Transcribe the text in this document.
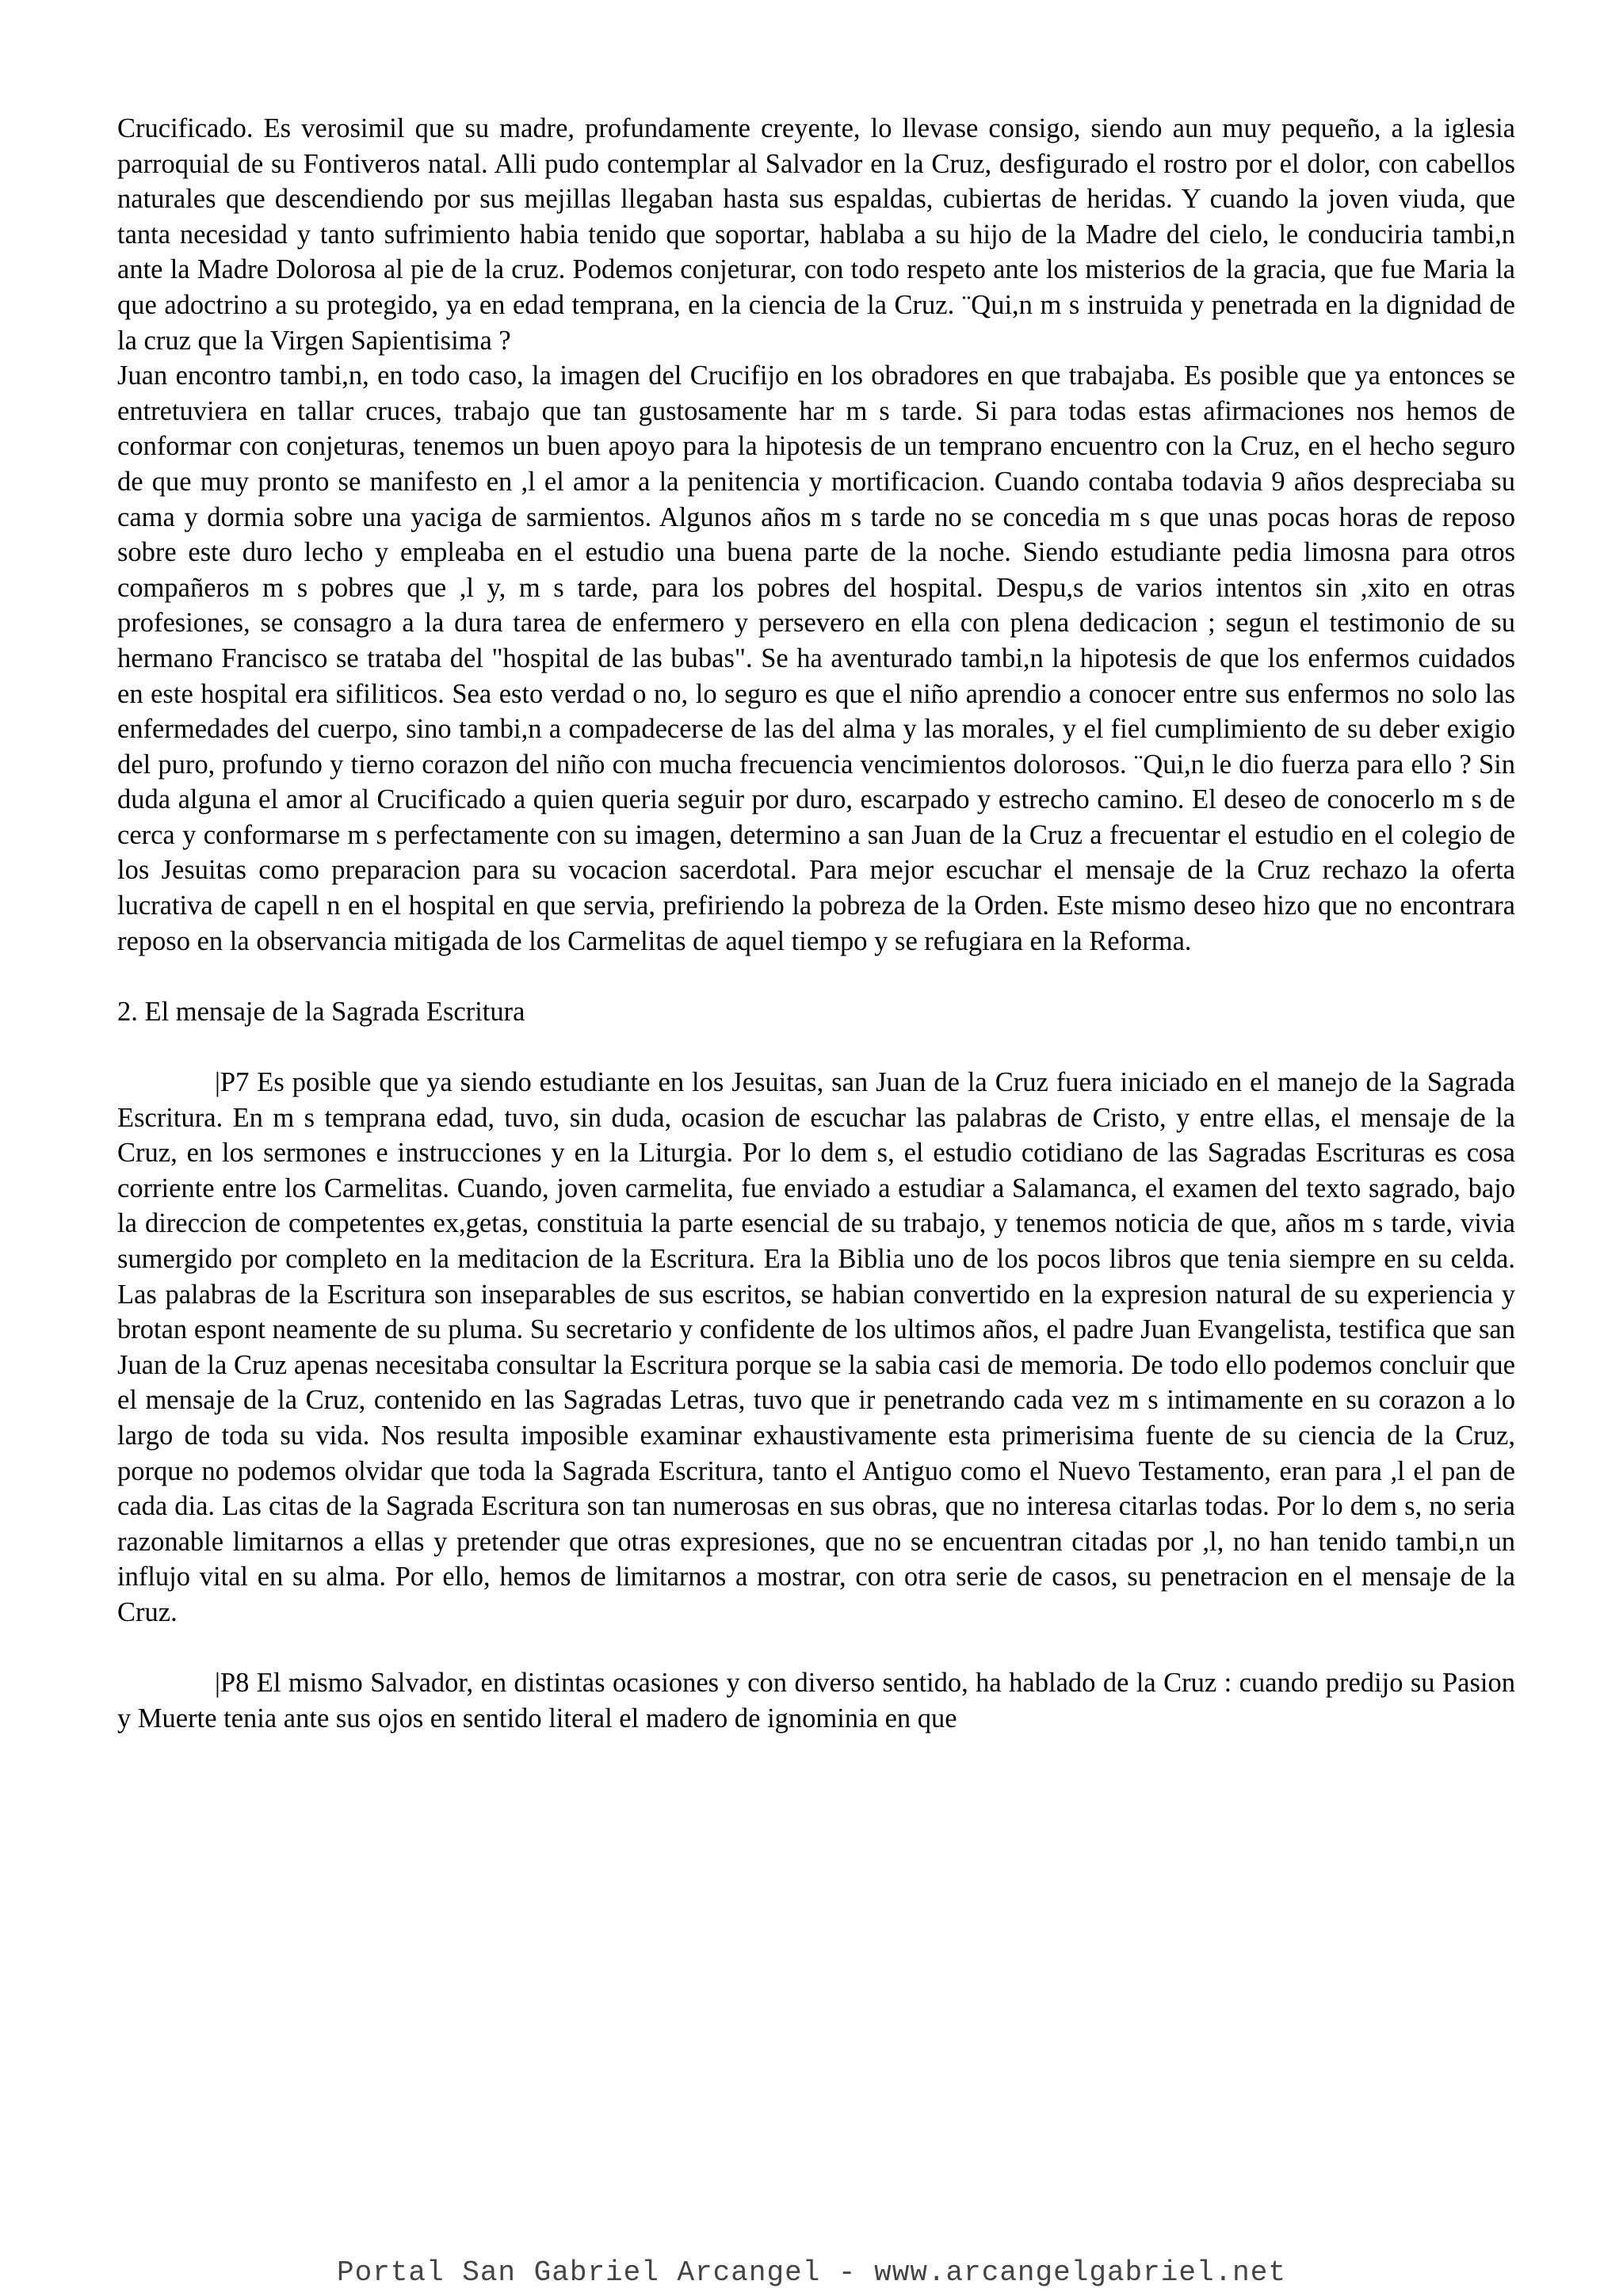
Crucificado. Es verosimil que su madre, profundamente creyente, lo llevase consigo, siendo aun muy pequeño, a la iglesia parroquial de su Fontiveros natal. Alli pudo contemplar al Salvador en la Cruz, desfigurado el rostro por el dolor, con cabellos naturales que descendiendo por sus mejillas llegaban hasta sus espaldas, cubiertas de heridas. Y cuando la joven viuda, que tanta necesidad y tanto sufrimiento habia tenido que soportar, hablaba a su hijo de la Madre del cielo, le conduciria tambi,n ante la Madre Dolorosa al pie de la cruz. Podemos conjeturar, con todo respeto ante los misterios de la gracia, que fue Maria la que adoctrino a su protegido, ya en edad temprana, en la ciencia de la Cruz. ¨Qui,n m s instruida y penetrada en la dignidad de la cruz que la Virgen Sapientisima ?

Juan encontro tambi,n, en todo caso, la imagen del Crucifijo en los obradores en que trabajaba. Es posible que ya entonces se entretuviera en tallar cruces, trabajo que tan gustosamente har m s tarde. Si para todas estas afirmaciones nos hemos de conformar con conjeturas, tenemos un buen apoyo para la hipotesis de un temprano encuentro con la Cruz, en el hecho seguro de que muy pronto se manifesto en ,l el amor a la penitencia y mortificacion. Cuando contaba todavia 9 años despreciaba su cama y dormia sobre una yaciga de sarmientos. Algunos años m s tarde no se concedia m s que unas pocas horas de reposo sobre este duro lecho y empleaba en el estudio una buena parte de la noche. Siendo estudiante pedia limosna para otros compañeros m s pobres que ,l y, m s tarde, para los pobres del hospital. Despu,s de varios intentos sin ,xito en otras profesiones, se consagro a la dura tarea de enfermero y persevero en ella con plena dedicacion ; segun el testimonio de su hermano Francisco se trataba del "hospital de las bubas". Se ha aventurado tambi,n la hipotesis de que los enfermos cuidados en este hospital era sifiliticos. Sea esto verdad o no, lo seguro es que el niño aprendio a conocer entre sus enfermos no solo las enfermedades del cuerpo, sino tambi,n a compadecerse de las del alma y las morales, y el fiel cumplimiento de su deber exigio del puro, profundo y tierno corazon del niño con mucha frecuencia vencimientos dolorosos. ¨Qui,n le dio fuerza para ello ? Sin duda alguna el amor al Crucificado a quien queria seguir por duro, escarpado y estrecho camino. El deseo de conocerlo m s de cerca y conformarse m s perfectamente con su imagen, determino a san Juan de la Cruz a frecuentar el estudio en el colegio de los Jesuitas como preparacion para su vocacion sacerdotal. Para mejor escuchar el mensaje de la Cruz rechazo la oferta lucrativa de capell n en el hospital en que servia, prefiriendo la pobreza de la Orden. Este mismo deseo hizo que no encontrara reposo en la observancia mitigada de los Carmelitas de aquel tiempo y se refugiara en la Reforma.

2. El mensaje de la Sagrada Escritura

|P7 Es posible que ya siendo estudiante en los Jesuitas, san Juan de la Cruz fuera iniciado en el manejo de la Sagrada Escritura. En m s temprana edad, tuvo, sin duda, ocasion de escuchar las palabras de Cristo, y entre ellas, el mensaje de la Cruz, en los sermones e instrucciones y en la Liturgia. Por lo dem s, el estudio cotidiano de las Sagradas Escrituras es cosa corriente entre los Carmelitas. Cuando, joven carmelita, fue enviado a estudiar a Salamanca, el examen del texto sagrado, bajo la direccion de competentes ex,getas, constituia la parte esencial de su trabajo, y tenemos noticia de que, años m s tarde, vivia sumergido por completo en la meditacion de la Escritura. Era la Biblia uno de los pocos libros que tenia siempre en su celda. Las palabras de la Escritura son inseparables de sus escritos, se habian convertido en la expresion natural de su experiencia y brotan espont neamente de su pluma. Su secretario y confidente de los ultimos años, el padre Juan Evangelista, testifica que san Juan de la Cruz apenas necesitaba consultar la Escritura porque se la sabia casi de memoria. De todo ello podemos concluir que el mensaje de la Cruz, contenido en las Sagradas Letras, tuvo que ir penetrando cada vez m s intimamente en su corazon a lo largo de toda su vida. Nos resulta imposible examinar exhaustivamente esta primerisima fuente de su ciencia de la Cruz, porque no podemos olvidar que toda la Sagrada Escritura, tanto el Antiguo como el Nuevo Testamento, eran para ,l el pan de cada dia. Las citas de la Sagrada Escritura son tan numerosas en sus obras, que no interesa citarlas todas. Por lo dem s, no seria razonable limitarnos a ellas y pretender que otras expresiones, que no se encuentran citadas por ,l, no han tenido tambi,n un influjo vital en su alma. Por ello, hemos de limitarnos a mostrar, con otra serie de casos, su penetracion en el mensaje de la Cruz.

|P8 El mismo Salvador, en distintas ocasiones y con diverso sentido, ha hablado de la Cruz : cuando predijo su Pasion y Muerte tenia ante sus ojos en sentido literal el madero de ignominia en que

Portal San Gabriel Arcangel - www.arcangelgabriel.net
